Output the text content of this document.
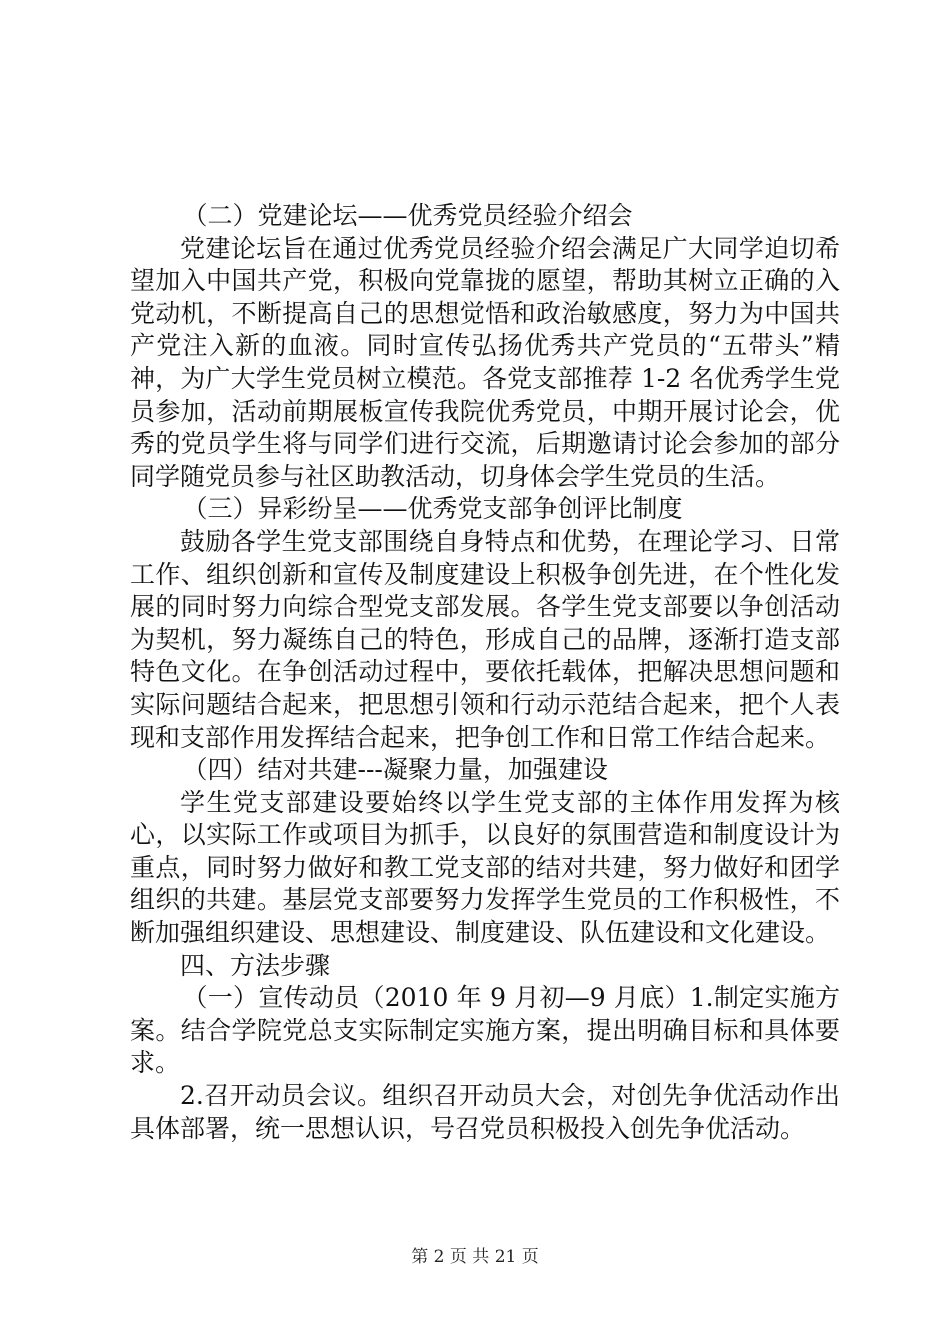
（二）党建论坛——优秀党员经验介绍会

党建论坛旨在通过优秀党员经验介绍会满足广大同学迫切希望加入中国共产党，积极向党靠拢的愿望，帮助其树立正确的入党动机，不断提高自己的思想觉悟和政治敏感度，努力为中国共产党注入新的血液。同时宣传弘扬优秀共产党员的“五带头”精神，为广大学生党员树立模范。各党支部推荐 1-2 名优秀学生党员参加，活动前期展板宣传我院优秀党员，中期开展讨论会，优秀的党员学生将与同学们进行交流，后期邀请讨论会参加的部分同学随党员参与社区助教活动，切身体会学生党员的生活。

（三）异彩纷呈——优秀党支部争创评比制度

鼓励各学生党支部围绕自身特点和优势，在理论学习、日常工作、组织创新和宣传及制度建设上积极争创先进，在个性化发展的同时努力向综合型党支部发展。各学生党支部要以争创活动为契机，努力凝练自己的特色，形成自己的品牌，逐渐打造支部特色文化。在争创活动过程中，要依托载体，把解决思想问题和实际问题结合起来，把思想引领和行动示范结合起来，把个人表现和支部作用发挥结合起来，把争创工作和日常工作结合起来。

（四）结对共建---凝聚力量，加强建设

学生党支部建设要始终以学生党支部的主体作用发挥为核心，以实际工作或项目为抓手，以良好的氛围营造和制度设计为重点，同时努力做好和教工党支部的结对共建，努力做好和团学组织的共建。基层党支部要努力发挥学生党员的工作积极性，不断加强组织建设、思想建设、制度建设、队伍建设和文化建设。

四、方法步骤

（一）宣传动员（2010 年 9 月初—9 月底）1.制定实施方案。结合学院党总支实际制定实施方案，提出明确目标和具体要求。

2.召开动员会议。组织召开动员大会，对创先争优活动作出具体部署，统一思想认识，号召党员积极投入创先争优活动。

第 2 页 共 21 页
